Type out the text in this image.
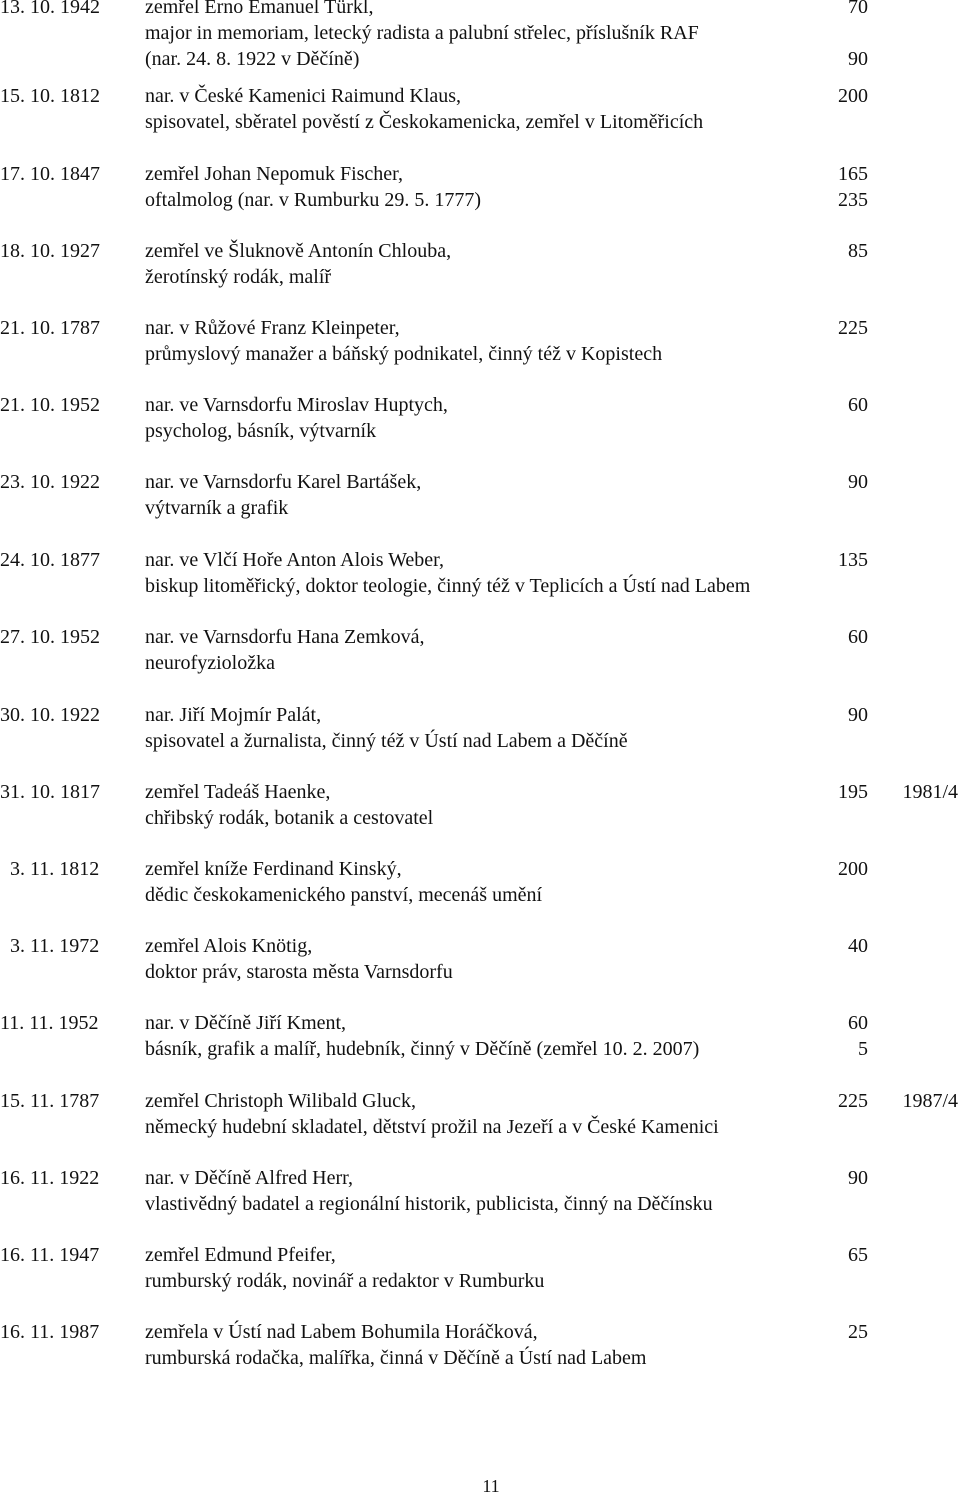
13. 10. 1942	zemřel Erno Emanuel Türkl,	70
major in memoriam, letecký radista a palubní střelec, příslušník RAF
(nar. 24. 8. 1922 v Děčíně)	90
15. 10. 1812	nar. v České Kamenici Raimund Klaus,	200
spisovatel, sběratel pověstí z Českokamenicka, zemřel v Litoměřicích
17. 10. 1847	zemřel Johan Nepomuk Fischer,	165
oftalmolog (nar. v Rumburku 29. 5. 1777)	235
18. 10. 1927	zemřel ve Šluknově Antonín Chlouba,	85
žerotínský rodák, malíř
21. 10. 1787	nar. v Růžové Franz Kleinpeter,	225
průmyslový manažer a báňský podnikatel, činný též v Kopistech
21. 10. 1952	nar. ve Varnsdorfu Miroslav Huptych,	60
psycholog, básník, výtvarník
23. 10. 1922	nar. ve Varnsdorfu Karel Bartášek,	90
výtvarník a grafik
24. 10. 1877	nar. ve Vlčí Hoře Anton Alois Weber,	135
biskup litoměřický, doktor teologie, činný též v Teplicích a Ústí nad Labem
27. 10. 1952	nar. ve Varnsdorfu Hana Zemková,	60
neurofyzioložka
30. 10. 1922	nar. Jiří Mojmír Palát,	90
spisovatel a žurnalista, činný též v Ústí nad Labem a Děčíně
31. 10. 1817	zemřel Tadeáš Haenke,	195 1981/4
chřibský rodák, botanik a cestovatel
3. 11. 1812	zemřel kníže Ferdinand Kinský,	200
dědic českokamenického panství, mecenáš umění
3. 11. 1972	zemřel Alois Knötig,	40
doktor práv, starosta města Varnsdorfu
11. 11. 1952	nar. v Děčíně Jiří Kment,	60
básník, grafik a malíř, hudebník, činný v Děčíně (zemřel 10. 2. 2007)	5
15. 11. 1787	zemřel Christoph Wilibald Gluck,	225 1987/4
německý hudební skladatel, dětství prožil na Jezeří a v České Kamenici
16. 11. 1922	nar. v Děčíně Alfred Herr,	90
vlastivědný badatel a regionální historik, publicista, činný na Děčínsku
16. 11. 1947	zemřel Edmund Pfeifer,	65
rumburský rodák, novinář a redaktor v Rumburku
16. 11. 1987	zemřela v Ústí nad Labem Bohumila Horáčková,	25
rumburská rodačka, malířka, činná v Děčíně a Ústí nad Labem
11
